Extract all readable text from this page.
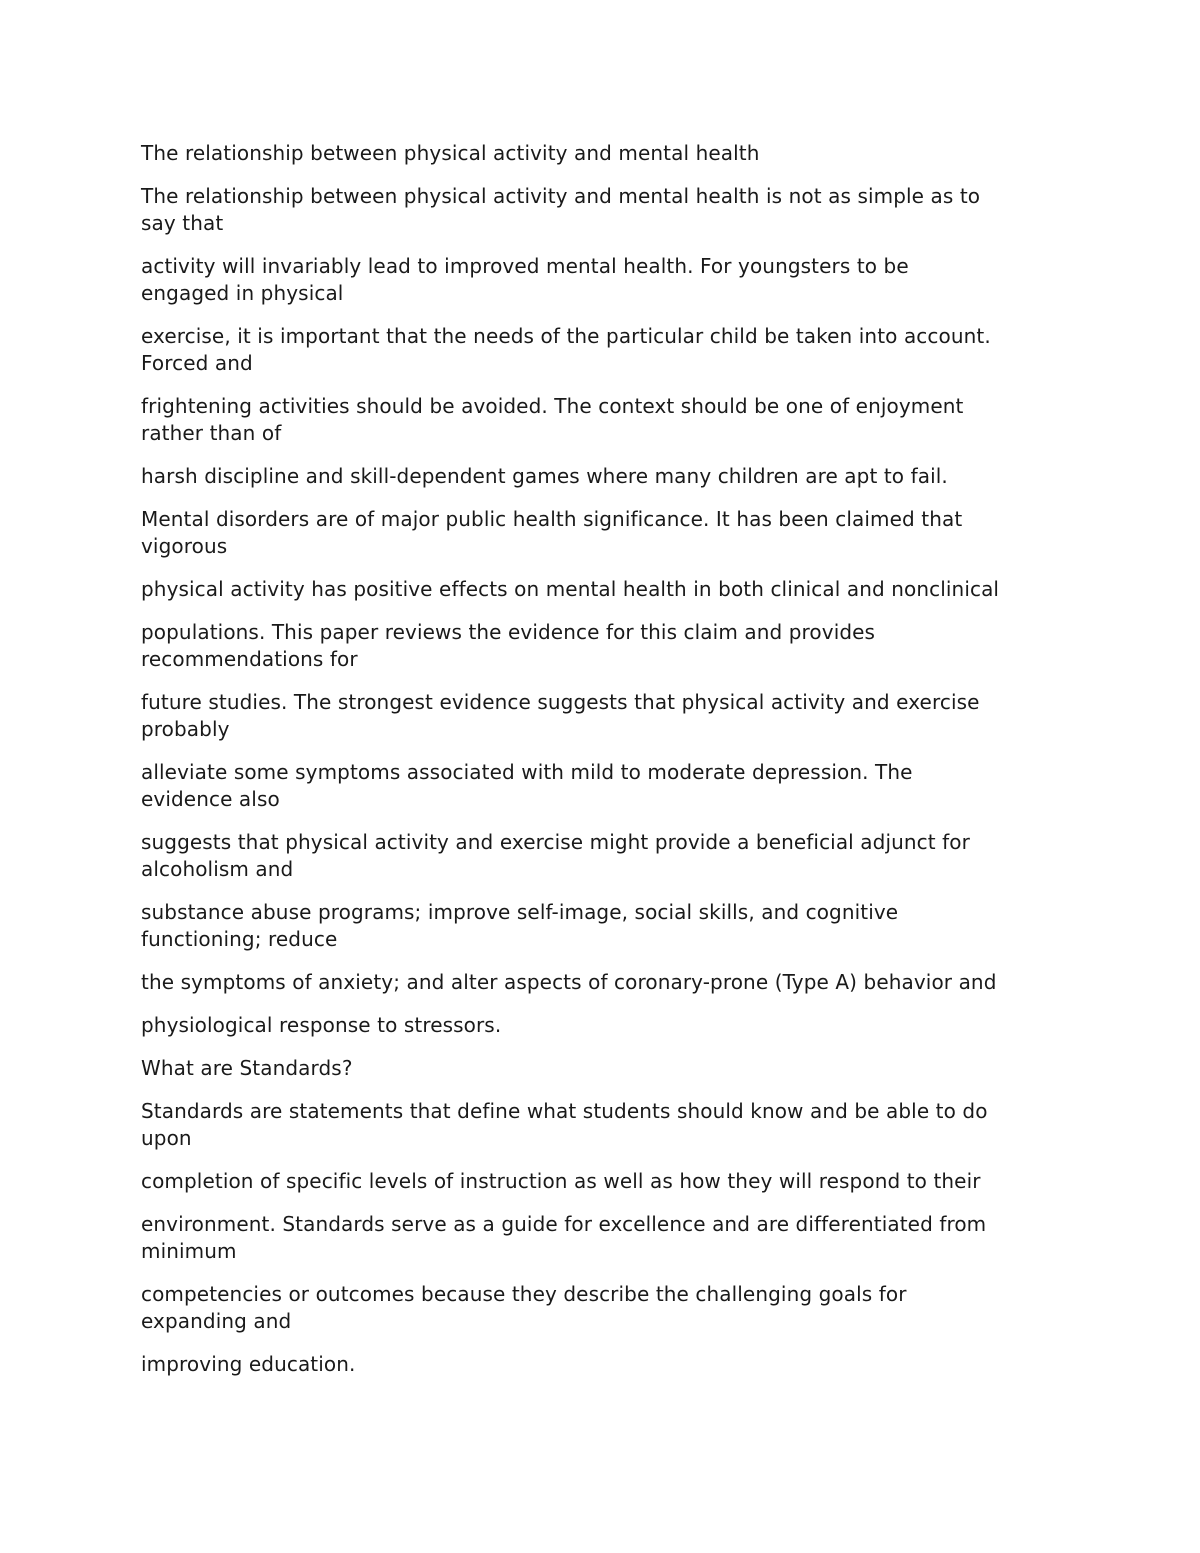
The relationship between physical activity and mental health

The relationship between physical activity and mental health is not as simple as to
say that

activity will invariably lead to improved mental health. For youngsters to be
engaged in physical

exercise, it is important that the needs of the particular child be taken into account.
Forced and

frightening activities should be avoided. The context should be one of enjoyment
rather than of

harsh discipline and skill-dependent games where many children are apt to fail.

Mental disorders are of major public health significance. It has been claimed that
vigorous

physical activity has positive effects on mental health in both clinical and nonclinical

populations. This paper reviews the evidence for this claim and provides
recommendations for

future studies. The strongest evidence suggests that physical activity and exercise
probably

alleviate some symptoms associated with mild to moderate depression. The
evidence also

suggests that physical activity and exercise might provide a beneficial adjunct for
alcoholism and

substance abuse programs; improve self-image, social skills, and cognitive
functioning; reduce

the symptoms of anxiety; and alter aspects of coronary-prone (Type A) behavior and

physiological response to stressors.

What are Standards?

Standards are statements that define what students should know and be able to do
upon

completion of specific levels of instruction as well as how they will respond to their

environment. Standards serve as a guide for excellence and are differentiated from
minimum

competencies or outcomes because they describe the challenging goals for
expanding and

improving education.
